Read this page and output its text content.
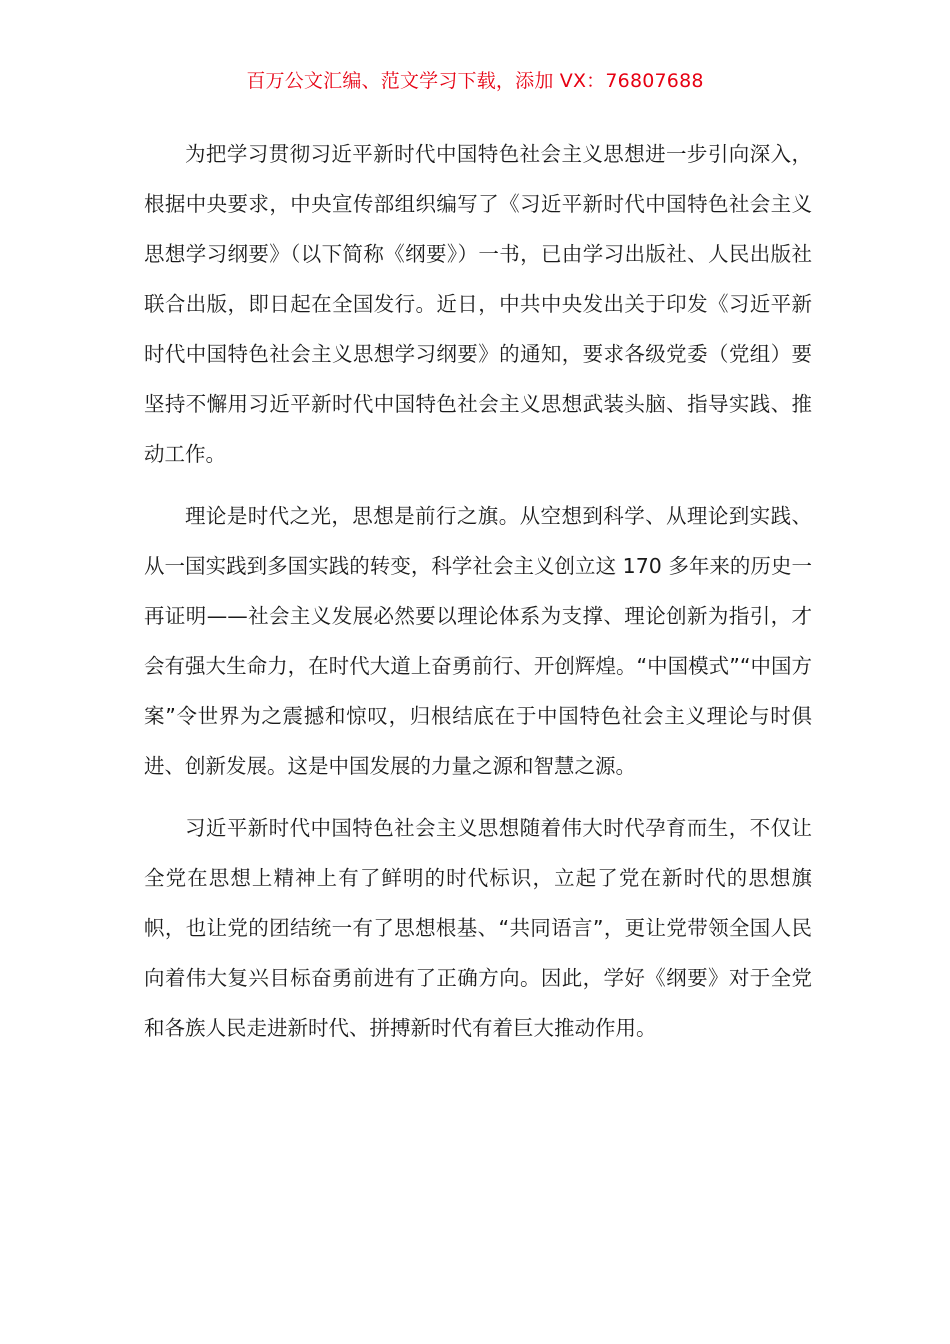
百万公文汇编、范文学习下载，添加 VX：76807688

为把学习贯彻习近平新时代中国特色社会主义思想进一步引向深入，根据中央要求，中央宣传部组织编写了《习近平新时代中国特色社会主义思想学习纲要》（以下简称《纲要》）一书，已由学习出版社、人民出版社联合出版，即日起在全国发行。近日，中共中央发出关于印发《习近平新时代中国特色社会主义思想学习纲要》的通知，要求各级党委（党组）要坚持不懈用习近平新时代中国特色社会主义思想武装头脑、指导实践、推动工作。

理论是时代之光，思想是前行之旗。从空想到科学、从理论到实践、从一国实践到多国实践的转变，科学社会主义创立这 170 多年来的历史一再证明——社会主义发展必然要以理论体系为支撑、理论创新为指引，才会有强大生命力，在时代大道上奋勇前行、开创辉煌。“中国模式”“中国方案”令世界为之震撼和惊叹，归根结底在于中国特色社会主义理论与时俱进、创新发展。这是中国发展的力量之源和智慧之源。

习近平新时代中国特色社会主义思想随着伟大时代孕育而生，不仅让全党在思想上精神上有了鲜明的时代标识，立起了党在新时代的思想旗帜，也让党的团结统一有了思想根基、“共同语言”，更让党带领全国人民向着伟大复兴目标奋勇前进有了正确方向。因此，学好《纲要》对于全党和各族人民走进新时代、拼搏新时代有着巨大推动作用。
